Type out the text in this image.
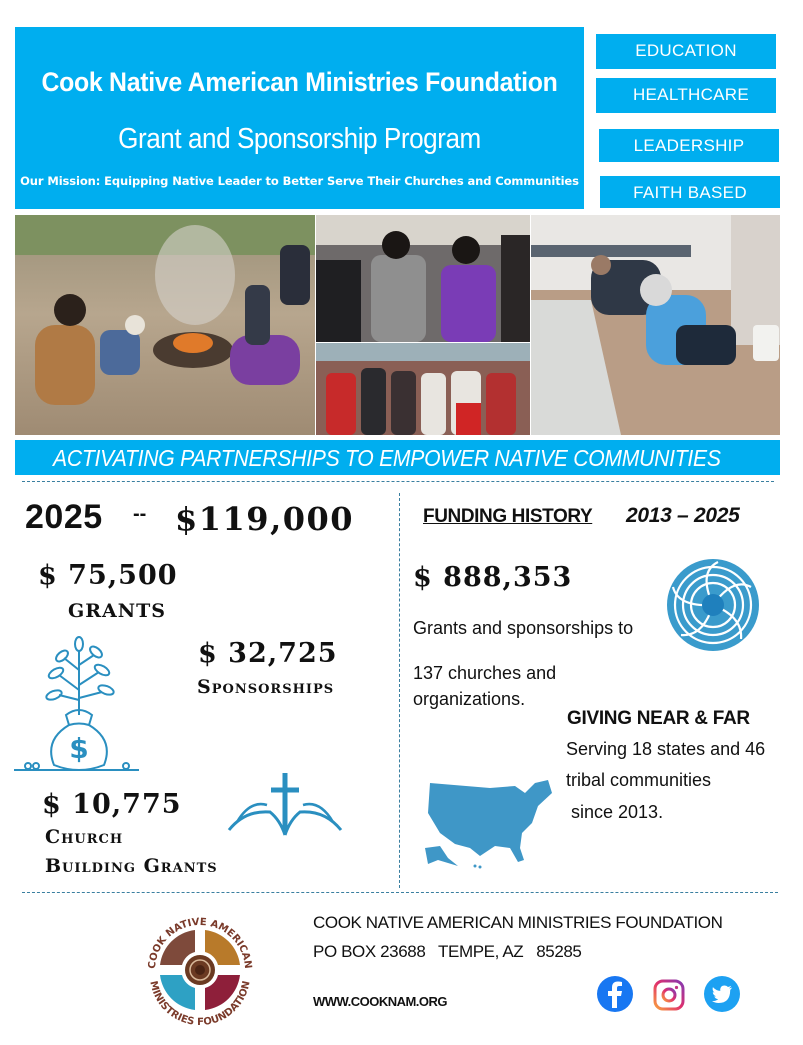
Cook Native American Ministries Foundation
Grant and Sponsorship Program
Our Mission: Equipping Native Leader to Better Serve Their Churches and Communities
EDUCATION
HEALTHCARE
LEADERSHIP
FAITH BASED
ACTIVATING PARTNERSHIPS TO EMPOWER NATIVE COMMUNITIES
2025 -- $119,000
$ 75,500
GRANTS
$
$ 32,725
Sponsorships
$ 10,775
Church
Building Grants
FUNDING HISTORY 2013 – 2025
$ 888,353
Grants and sponsorships to
137 churches and
organizations.
GIVING NEAR & FAR
Serving 18 states and 46
tribal communities
since 2013.
COOK NATIVE AMERICAN
MINISTRIES FOUNDATION
COOK NATIVE AMERICAN MINISTRIES FOUNDATION
PO BOX 23688   TEMPE, AZ   85285
WWW.COOKNAM.ORG
